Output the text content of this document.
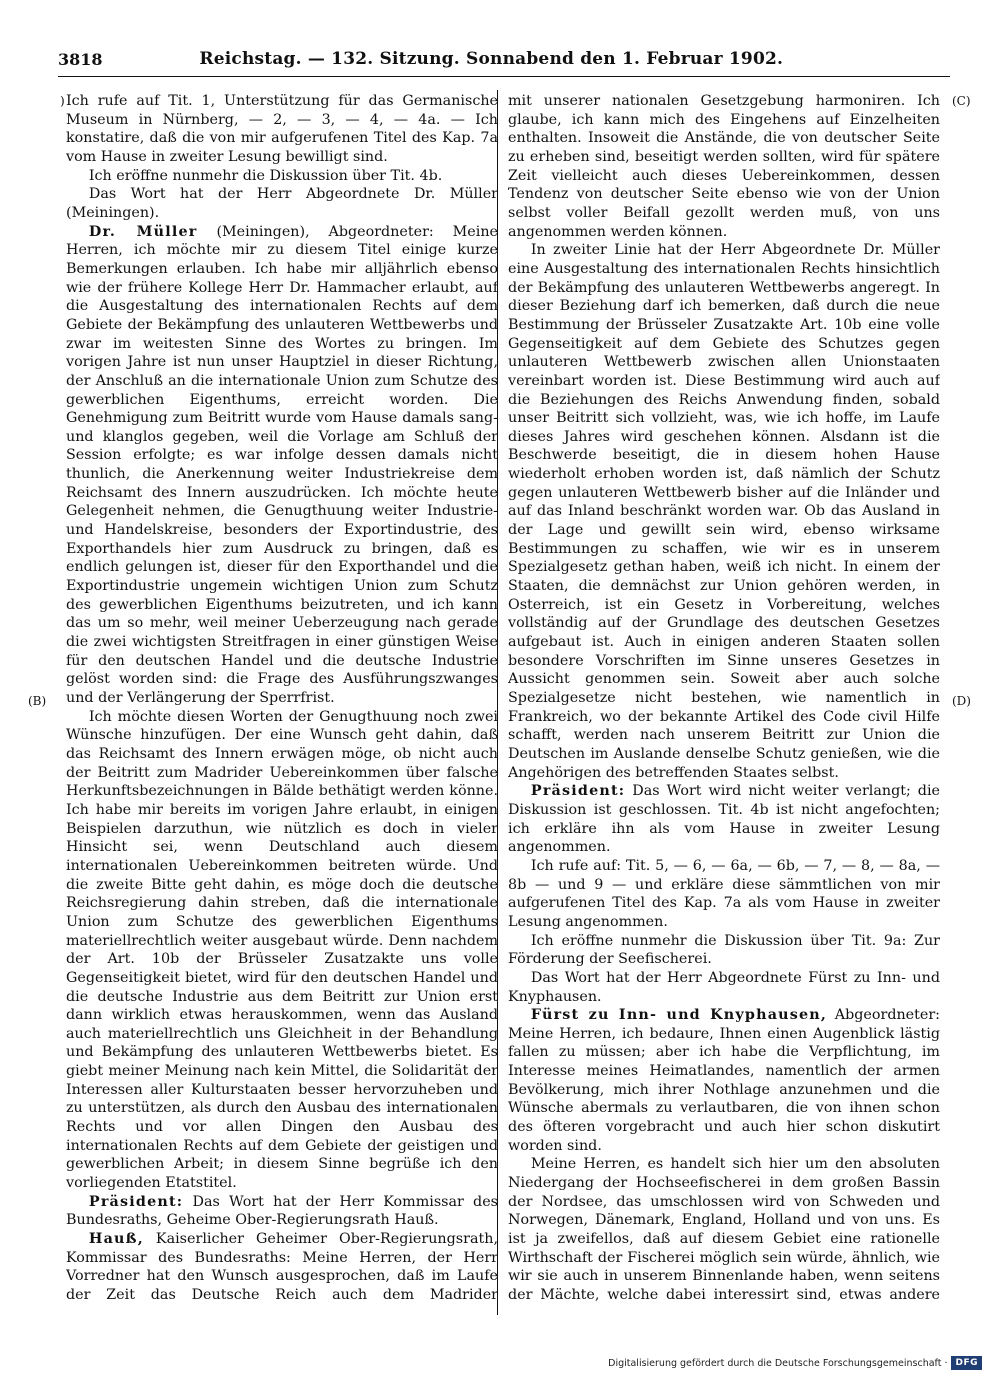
3818	Reichstag. — 132. Sitzung. Sonnabend den 1. Februar 1902.
)
(B)
(C)
(D)

Ich rufe auf Tit. 1, Unterstützung für das Germanische Museum in Nürnberg, — 2, — 3, — 4, — 4a. — Ich konstatire, daß die von mir aufgerufenen Titel des Kap. 7a vom Hause in zweiter Lesung bewilligt sind.

Ich eröffne nunmehr die Diskussion über Tit. 4b.

Das Wort hat der Herr Abgeordnete Dr. Müller (Meiningen).

Dr. Müller (Meiningen), Abgeordneter: Meine Herren, ich möchte mir zu diesem Titel einige kurze Bemerkungen erlauben. Ich habe mir alljährlich ebenso wie der frühere Kollege Herr Dr. Hammacher erlaubt, auf die Ausgestaltung des internationalen Rechts auf dem Gebiete der Bekämpfung des unlauteren Wettbewerbs und zwar im weitesten Sinne des Wortes zu bringen. Im vorigen Jahre ist nun unser Hauptziel in dieser Richtung, der Anschluß an die internationale Union zum Schutze des gewerblichen Eigenthums, erreicht worden. Die Genehmigung zum Beitritt wurde vom Hause damals sang- und klanglos gegeben, weil die Vorlage am Schluß der Session erfolgte; es war infolge dessen damals nicht thunlich, die Anerkennung weiter Industriekreise dem Reichsamt des Innern auszudrücken. Ich möchte heute Gelegenheit nehmen, die Genugthuung weiter Industrie- und Handelskreise, besonders der Exportindustrie, des Exporthandels hier zum Ausdruck zu bringen, daß es endlich gelungen ist, dieser für den Exporthandel und die Exportindustrie ungemein wichtigen Union zum Schutz des gewerblichen Eigenthums beizutreten, und ich kann das um so mehr, weil meiner Ueberzeugung nach gerade die zwei wichtigsten Streitfragen in einer günstigen Weise für den deutschen Handel und die deutsche Industrie gelöst worden sind: die Frage des Ausführungszwanges und der Verlängerung der Sperrfrist.

Ich möchte diesen Worten der Genugthuung noch zwei Wünsche hinzufügen. Der eine Wunsch geht dahin, daß das Reichsamt des Innern erwägen möge, ob nicht auch der Beitritt zum Madrider Uebereinkommen über falsche Herkunftsbezeichnungen in Bälde bethätigt werden könne. Ich habe mir bereits im vorigen Jahre erlaubt, in einigen Beispielen darzuthun, wie nützlich es doch in vieler Hinsicht sei, wenn Deutschland auch diesem internationalen Uebereinkommen beitreten würde. Und die zweite Bitte geht dahin, es möge doch die deutsche Reichsregierung dahin streben, daß die internationale Union zum Schutze des gewerblichen Eigenthums materiellrechtlich weiter ausgebaut würde. Denn nachdem der Art. 10b der Brüsseler Zusatzakte uns volle Gegenseitigkeit bietet, wird für den deutschen Handel und die deutsche Industrie aus dem Beitritt zur Union erst dann wirklich etwas herauskommen, wenn das Ausland auch materiellrechtlich uns Gleichheit in der Behandlung und Bekämpfung des unlauteren Wettbewerbs bietet. Es giebt meiner Meinung nach kein Mittel, die Solidarität der Interessen aller Kulturstaaten besser hervorzuheben und zu unterstützen, als durch den Ausbau des internationalen Rechts und vor allen Dingen den Ausbau des internationalen Rechts auf dem Gebiete der geistigen und gewerblichen Arbeit; in diesem Sinne begrüße ich den vorliegenden Etatstitel.

Präsident: Das Wort hat der Herr Kommissar des Bundesraths, Geheime Ober-Regierungsrath Hauß.

Hauß, Kaiserlicher Geheimer Ober-Regierungsrath, Kommissar des Bundesraths: Meine Herren, der Herr Vorredner hat den Wunsch ausgesprochen, daß im Laufe der Zeit das Deutsche Reich auch dem Madrider

mit unserer nationalen Gesetzgebung harmoniren. Ich glaube, ich kann mich des Eingehens auf Einzelheiten enthalten. Insoweit die Anstände, die von deutscher Seite zu erheben sind, beseitigt werden sollten, wird für spätere Zeit vielleicht auch dieses Uebereinkommen, dessen Tendenz von deutscher Seite ebenso wie von der Union selbst voller Beifall gezollt werden muß, von uns angenommen werden können.

In zweiter Linie hat der Herr Abgeordnete Dr. Müller eine Ausgestaltung des internationalen Rechts hinsichtlich der Bekämpfung des unlauteren Wettbewerbs angeregt. In dieser Beziehung darf ich bemerken, daß durch die neue Bestimmung der Brüsseler Zusatzakte Art. 10b eine volle Gegenseitigkeit auf dem Gebiete des Schutzes gegen unlauteren Wettbewerb zwischen allen Unionstaaten vereinbart worden ist. Diese Bestimmung wird auch auf die Beziehungen des Reichs Anwendung finden, sobald unser Beitritt sich vollzieht, was, wie ich hoffe, im Laufe dieses Jahres wird geschehen können. Alsdann ist die Beschwerde beseitigt, die in diesem hohen Hause wiederholt erhoben worden ist, daß nämlich der Schutz gegen unlauteren Wettbewerb bisher auf die Inländer und auf das Inland beschränkt worden war. Ob das Ausland in der Lage und gewillt sein wird, ebenso wirksame Bestimmungen zu schaffen, wie wir es in unserem Spezialgesetz gethan haben, weiß ich nicht. In einem der Staaten, die demnächst zur Union gehören werden, in Osterreich, ist ein Gesetz in Vorbereitung, welches vollständig auf der Grundlage des deutschen Gesetzes aufgebaut ist. Auch in einigen anderen Staaten sollen besondere Vorschriften im Sinne unseres Gesetzes in Aussicht genommen sein. Soweit aber auch solche Spezialgesetze nicht bestehen, wie namentlich in Frankreich, wo der bekannte Artikel des Code civil Hilfe schafft, werden nach unserem Beitritt zur Union die Deutschen im Auslande denselbe Schutz genießen, wie die Angehörigen des betreffenden Staates selbst.

Präsident: Das Wort wird nicht weiter verlangt; die Diskussion ist geschlossen. Tit. 4b ist nicht angefochten; ich erkläre ihn als vom Hause in zweiter Lesung angenommen.

Ich rufe auf: Tit. 5, — 6, — 6a, — 6b, — 7, — 8, — 8a, — 8b — und 9 — und erkläre diese sämmtlichen von mir aufgerufenen Titel des Kap. 7a als vom Hause in zweiter Lesung angenommen.

Ich eröffne nunmehr die Diskussion über Tit. 9a: Zur Förderung der Seefischerei.

Das Wort hat der Herr Abgeordnete Fürst zu Inn- und Knyphausen.

Fürst zu Inn- und Knyphausen, Abgeordneter: Meine Herren, ich bedaure, Ihnen einen Augenblick lästig fallen zu müssen; aber ich habe die Verpflichtung, im Interesse meines Heimatlandes, namentlich der armen Bevölkerung, mich ihrer Nothlage anzunehmen und die Wünsche abermals zu verlautbaren, die von ihnen schon des öfteren vorgebracht und auch hier schon diskutirt worden sind.

Meine Herren, es handelt sich hier um den absoluten Niedergang der Hochseefischerei in dem großen Bassin der Nordsee, das umschlossen wird von Schweden und Norwegen, Dänemark, England, Holland und von uns. Es ist ja zweifellos, daß auf diesem Gebiet eine rationelle Wirthschaft der Fischerei möglich sein würde, ähnlich, wie wir sie auch in unserem Binnenlande haben, wenn seitens der Mächte, welche dabei interessirt sind, etwas andere

Digitalisierung gefördert durch die Deutsche Forschungsgemeinschaft · DFG
